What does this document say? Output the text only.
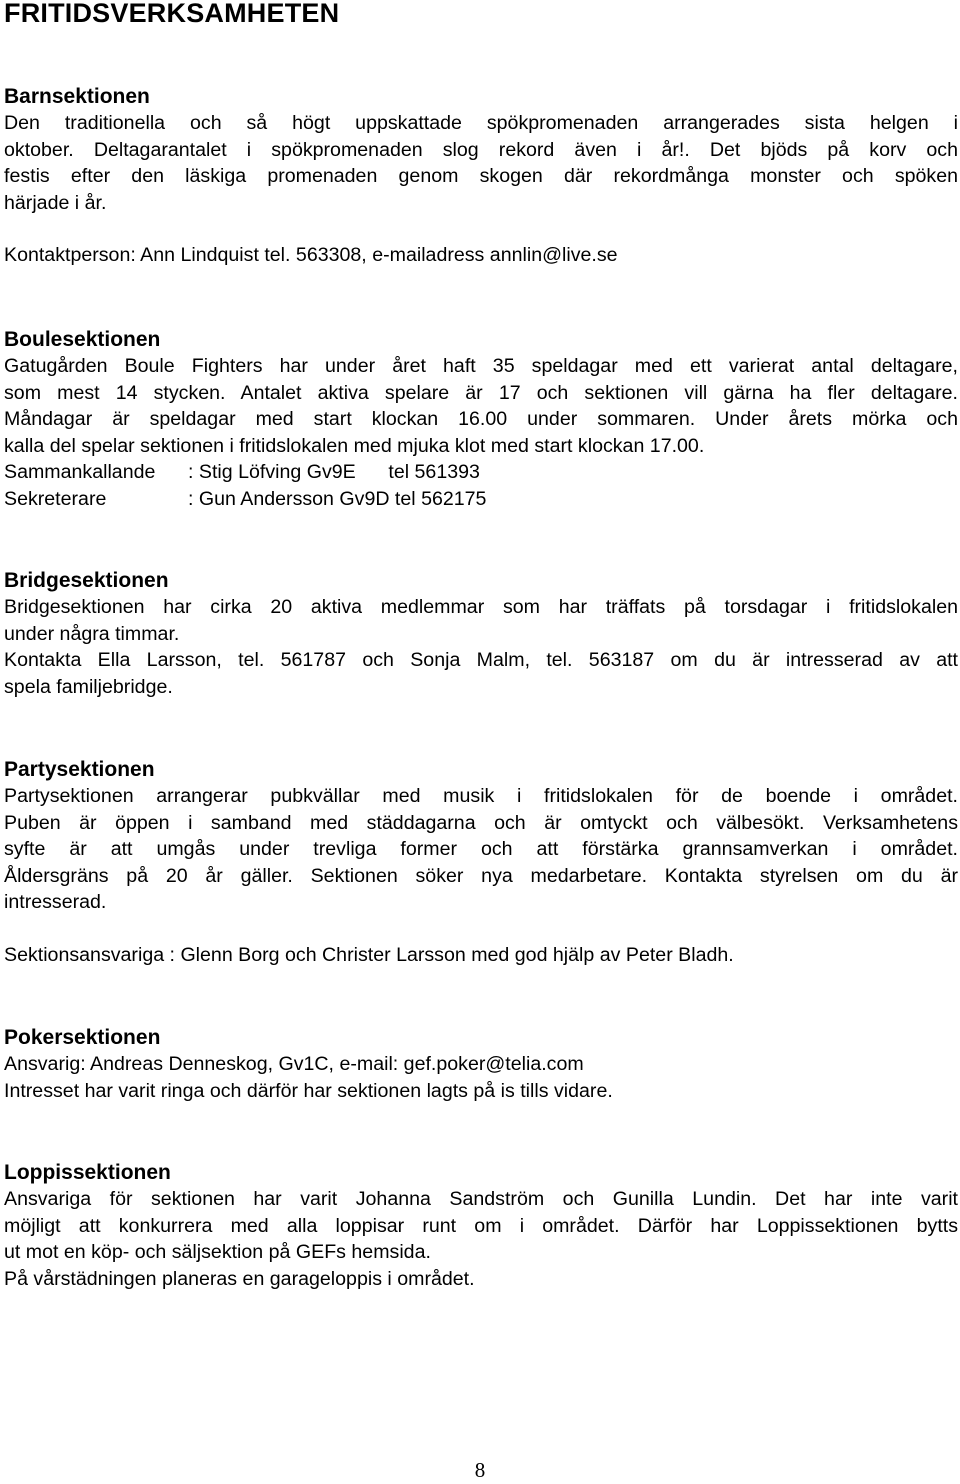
FRITIDSVERKSAMHETEN
Barnsektionen
Den traditionella och så högt uppskattade spökpromenaden arrangerades sista helgen i
oktober. Deltagarantalet i spökpromenaden slog rekord även i år!. Det bjöds på korv och
festis efter den läskiga promenaden genom skogen där rekordmånga monster och spöken
härjade i år.
Kontaktperson: Ann Lindquist tel. 563308, e-mailadress annlin@live.se
Boulesektionen
Gatugården Boule Fighters har under året haft 35 speldagar med ett varierat antal deltagare,
som mest 14 stycken. Antalet aktiva spelare är 17 och sektionen vill gärna ha fler deltagare.
Måndagar är speldagar med start klockan 16.00 under sommaren. Under årets mörka och
kalla del spelar sektionen i fritidslokalen med mjuka klot med start klockan 17.00.
Sammankallande : Stig Löfving Gv9E      tel 561393
Sekreterare	: Gun Andersson Gv9D tel 562175
Bridgesektionen
Bridgesektionen har cirka 20 aktiva medlemmar som har träffats på torsdagar i fritidslokalen
under några timmar.
Kontakta Ella Larsson, tel. 561787 och Sonja Malm, tel. 563187 om du är intresserad av att
spela familjebridge.
Partysektionen
Partysektionen arrangerar pubkvällar med musik i fritidslokalen för de boende i området.
Puben är öppen i samband med städdagarna och är omtyckt och välbesökt. Verksamhetens
syfte är att umgås under trevliga former och att förstärka grannsamverkan i området.
Åldersgräns på 20 år gäller. Sektionen söker nya medarbetare. Kontakta styrelsen om du är
intresserad.
Sektionsansvariga : Glenn Borg och Christer Larsson med god hjälp av Peter Bladh.
Pokersektionen
Ansvarig: Andreas Denneskog, Gv1C, e-mail: gef.poker@telia.com
Intresset har varit ringa och därför har sektionen lagts på is tills vidare.
Loppissektionen
Ansvariga för sektionen har varit Johanna Sandström och Gunilla Lundin. Det har inte varit
möjligt att konkurrera med alla loppisar runt om i området. Därför har Loppissektionen bytts
ut mot en köp- och säljsektion på GEFs hemsida.
På vårstädningen planeras en garageloppis i området.
8
